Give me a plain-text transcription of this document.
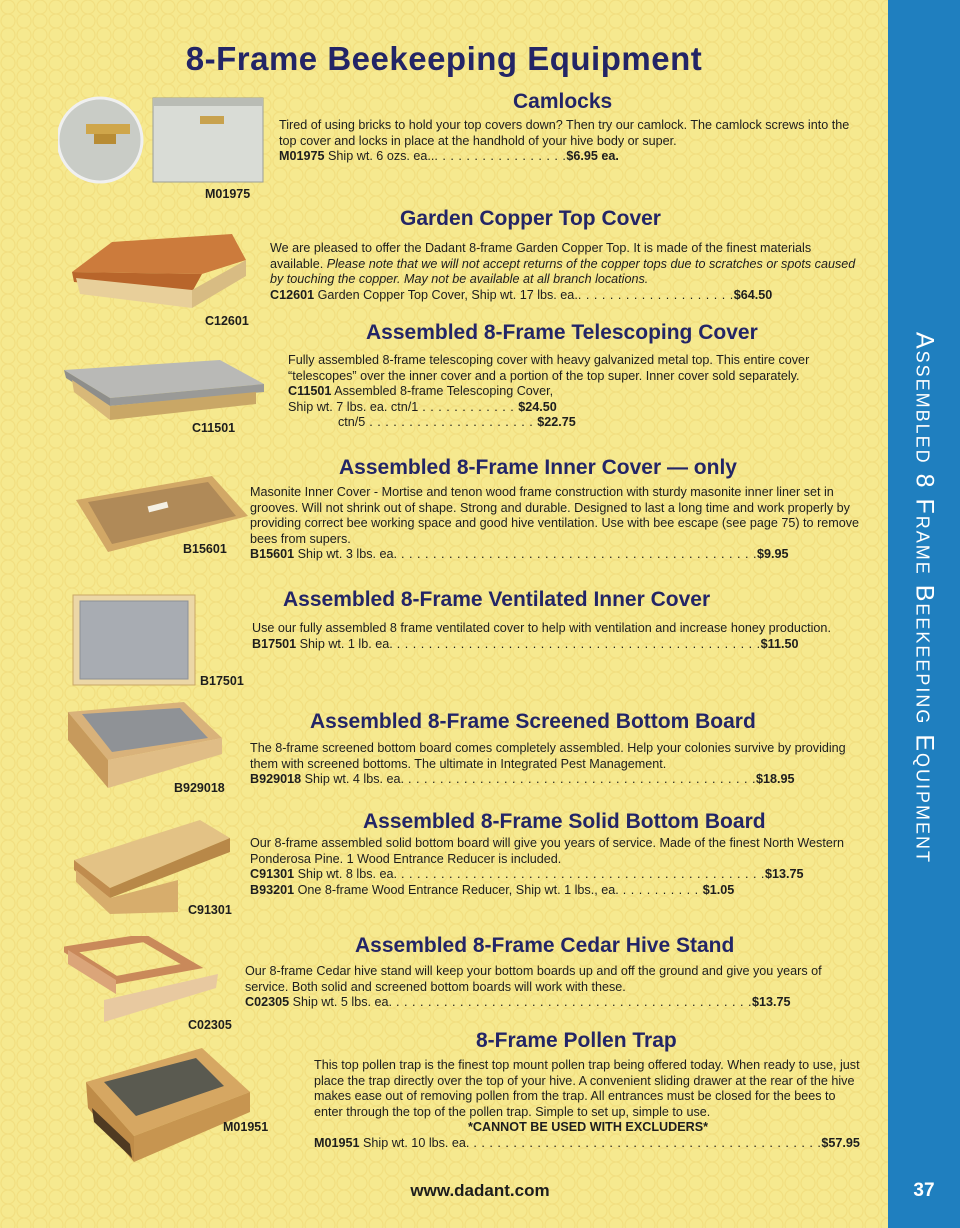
Assembled 8 Frame Beekeeping Equipment
37
8-Frame Beekeeping Equipment
M01975
Camlocks

Tired of using bricks to hold your top covers down? Then try our camlock. The camlock screws into the top cover and locks in place at the handhold of your hive body or super.

M01975 Ship wt. 6 ozs. ea... . . . . . . . . . . . . . . . .$6.95 ea.

C12601
Garden Copper Top Cover

We are pleased to offer the Dadant 8-frame Garden Copper Top. It is made of the finest materials available. Please note that we will not accept returns of the copper tops due to scratches or spots caused by touching the copper. May not be available at all branch locations.

C12601 Garden Copper Top Cover, Ship wt. 17 lbs. ea.. . . . . . . . . . . . . . . . . . . .$64.50

C11501
Assembled 8-Frame Telescoping Cover

Fully assembled 8-frame telescoping cover with heavy galvanized metal top. This entire cover “telescopes” over the inner cover and a portion of the top super. Inner cover sold separately.

C11501 Assembled 8-frame Telescoping Cover,

Ship wt. 7 lbs. ea. ctn/1 . . . . . . . . . . . . $24.50

ctn/5 . . . . . . . . . . . . . . . . . . . . . $22.75

B15601
Assembled 8-Frame Inner Cover — only

Masonite Inner Cover - Mortise and tenon wood frame construction with sturdy masonite inner liner set in grooves. Will not shrink out of shape. Strong and durable. Designed to last a long time and work properly by providing correct bee working space and good hive ventilation. Use with bee escape (see page 75) to remove bees from supers.

B15601 Ship wt. 3 lbs. ea. . . . . . . . . . . . . . . . . . . . . . . . . . . . . . . . . . . . . . . . . . . . . .$9.95

B17501
Assembled 8-Frame Ventilated Inner Cover

Use our fully assembled 8 frame ventilated cover to help with ventilation and increase honey production.

B17501 Ship wt. 1 lb. ea. . . . . . . . . . . . . . . . . . . . . . . . . . . . . . . . . . . . . . . . . . . . . . .$11.50

B929018
Assembled 8-Frame Screened Bottom Board

The 8-frame screened bottom board comes completely assembled. Help your colonies survive by providing them with screened bottoms. The ultimate in Integrated Pest Management.

B929018 Ship wt. 4 lbs. ea. . . . . . . . . . . . . . . . . . . . . . . . . . . . . . . . . . . . . . . . . . . . .$18.95

C91301
Assembled 8-Frame Solid Bottom Board

Our 8-frame assembled solid bottom board will give you years of service. Made of the finest North Western Ponderosa Pine. 1 Wood Entrance Reducer is included.

C91301 Ship wt. 8 lbs. ea. . . . . . . . . . . . . . . . . . . . . . . . . . . . . . . . . . . . . . . . . . . . . . .$13.75

B93201 One 8-frame Wood Entrance Reducer, Ship wt. 1 lbs., ea. . . . . . . . . . . $1.05

C02305
Assembled 8-Frame Cedar Hive Stand

Our 8-frame Cedar hive stand will keep your bottom boards up and off the ground and give you years of service. Both solid and screened bottom boards will work with these.

C02305 Ship wt. 5 lbs. ea. . . . . . . . . . . . . . . . . . . . . . . . . . . . . . . . . . . . . . . . . . . . . .$13.75

M01951
8-Frame Pollen Trap

This top pollen trap is the finest top mount pollen trap being offered today. When ready to use, just place the trap directly over the top of your hive. A convenient sliding drawer at the rear of the hive makes ease out of removing pollen from the trap. All entrances must be closed for the bees to enter through the top of the pollen trap. Simple to set up, simple to use.

*CANNOT BE USED WITH EXCLUDERS*

M01951 Ship wt. 10 lbs. ea. . . . . . . . . . . . . . . . . . . . . . . . . . . . . . . . . . . . . . . . . . . . .$57.95

www.dadant.com
